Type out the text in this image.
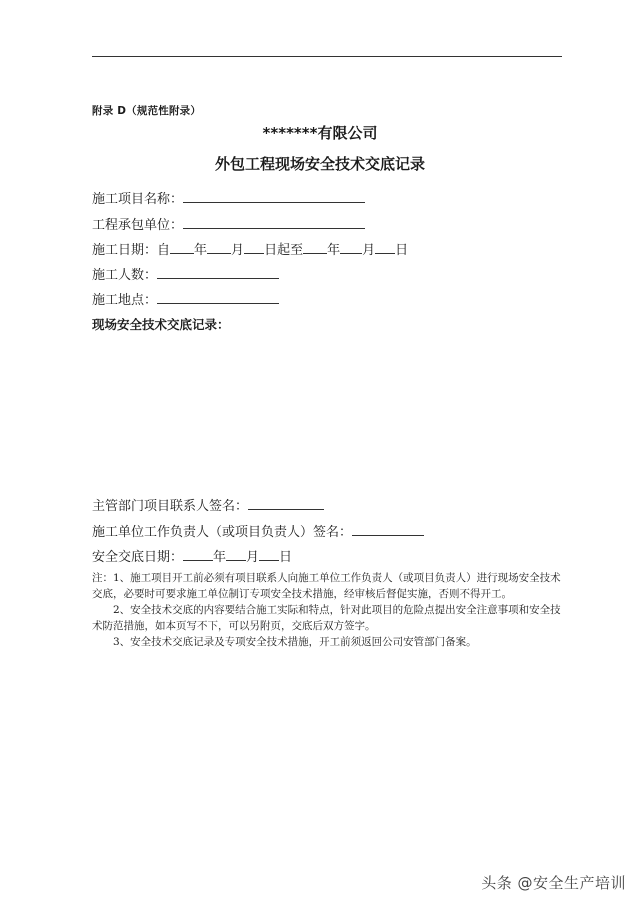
附录 D（规范性附录）
*******有限公司
外包工程现场安全技术交底记录
施工项目名称：
工程承包单位：
施工日期：自 年 月 日起至 年 月 日
施工人数：
施工地点：
现场安全技术交底记录：
主管部门项目联系人签名：
施工单位工作负责人（或项目负责人）签名：
安全交底日期： 年 月 日

注：1、施工项目开工前必须有项目联系人向施工单位工作负责人（或项目负责人）进行现场安全技术交底，必要时可要求施工单位制订专项安全技术措施，经审核后督促实施，否则不得开工。

2、安全技术交底的内容要结合施工实际和特点，针对此项目的危险点提出安全注意事项和安全技术防范措施，如本页写不下，可以另附页，交底后双方签字。

3、安全技术交底记录及专项安全技术措施，开工前须返回公司安管部门备案。

头条 @安全生产培训
